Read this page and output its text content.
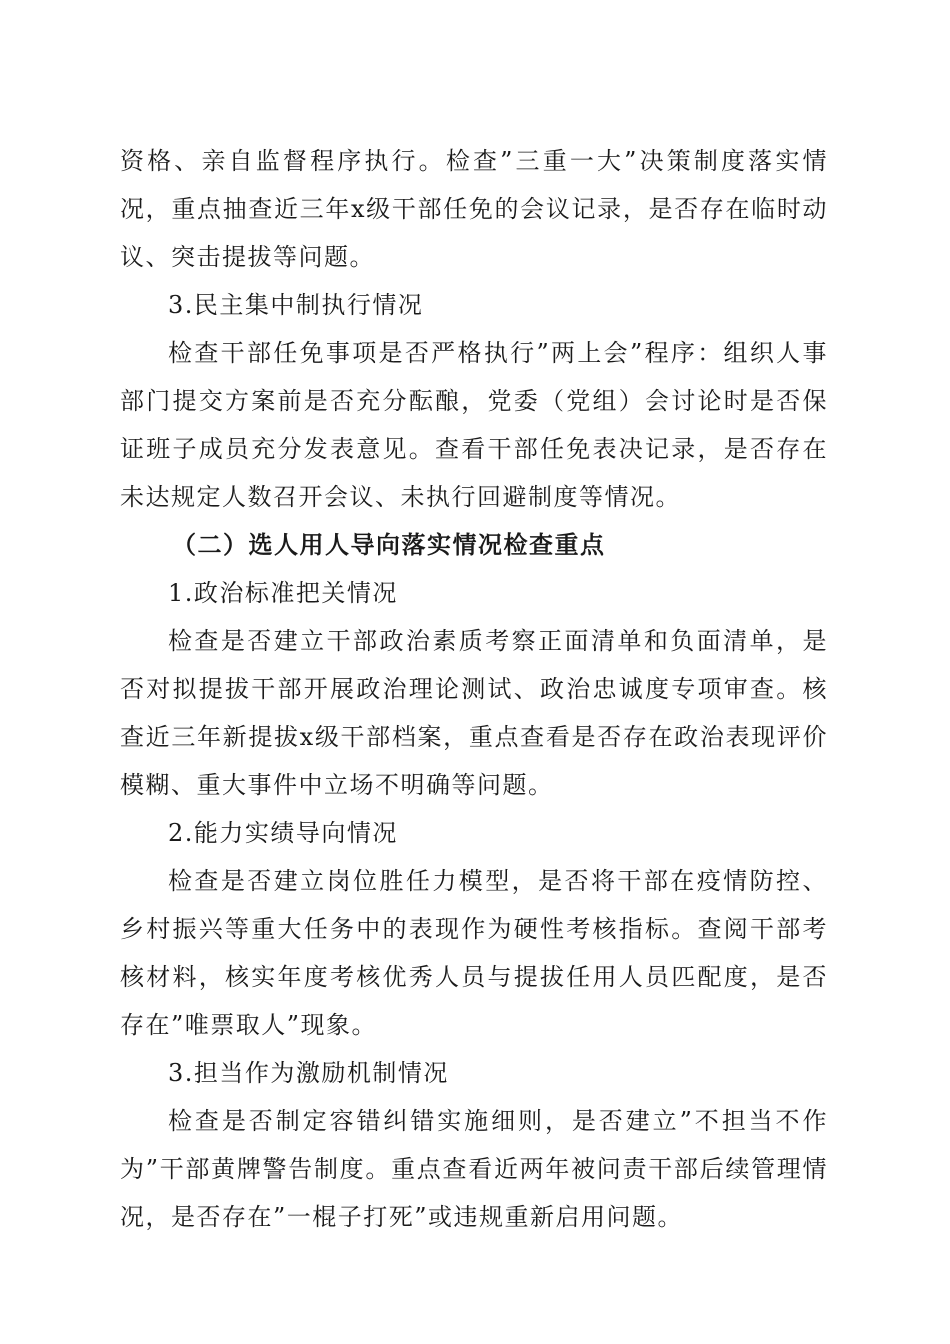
资格、亲自监督程序执行。检查”三重一大”决策制度落实情况，重点抽查近三年x级干部任免的会议记录，是否存在临时动议、突击提拔等问题。

3.民主集中制执行情况

检查干部任免事项是否严格执行”两上会”程序：组织人事部门提交方案前是否充分酝酿，党委（党组）会讨论时是否保证班子成员充分发表意见。查看干部任免表决记录，是否存在未达规定人数召开会议、未执行回避制度等情况。

（二）选人用人导向落实情况检查重点

1.政治标准把关情况

检查是否建立干部政治素质考察正面清单和负面清单，是否对拟提拔干部开展政治理论测试、政治忠诚度专项审查。核查近三年新提拔x级干部档案，重点查看是否存在政治表现评价模糊、重大事件中立场不明确等问题。

2.能力实绩导向情况

检查是否建立岗位胜任力模型，是否将干部在疫情防控、乡村振兴等重大任务中的表现作为硬性考核指标。查阅干部考核材料，核实年度考核优秀人员与提拔任用人员匹配度，是否存在”唯票取人”现象。

3.担当作为激励机制情况

检查是否制定容错纠错实施细则，是否建立”不担当不作为”干部黄牌警告制度。重点查看近两年被问责干部后续管理情况，是否存在”一棍子打死”或违规重新启用问题。
